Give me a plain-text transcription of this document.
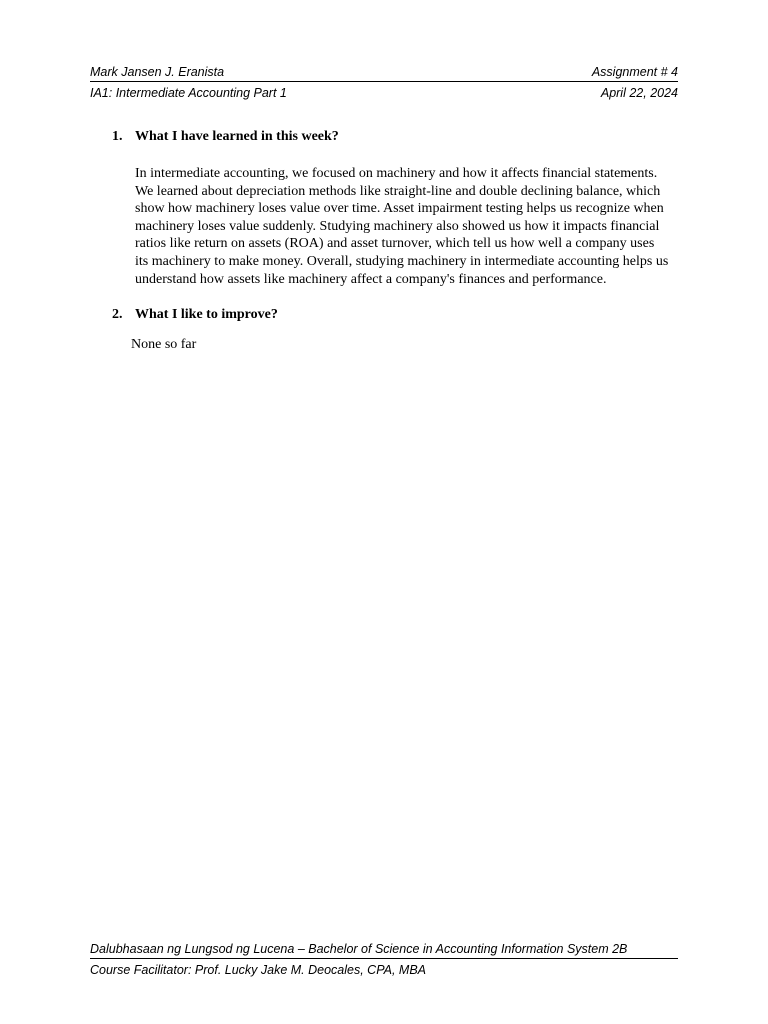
Mark Jansen J. Eranista	Assignment # 4
IA1: Intermediate Accounting Part 1	April 22, 2024
1. What I have learned in this week?
In intermediate accounting, we focused on machinery and how it affects financial statements. We learned about depreciation methods like straight-line and double declining balance, which show how machinery loses value over time. Asset impairment testing helps us recognize when machinery loses value suddenly. Studying machinery also showed us how it impacts financial ratios like return on assets (ROA) and asset turnover, which tell us how well a company uses its machinery to make money. Overall, studying machinery in intermediate accounting helps us understand how assets like machinery affect a company's finances and performance.
2. What I like to improve?
None so far
Dalubhasaan ng Lungsod ng Lucena – Bachelor of Science in Accounting Information System 2B
Course Facilitator: Prof. Lucky Jake M. Deocales, CPA, MBA
